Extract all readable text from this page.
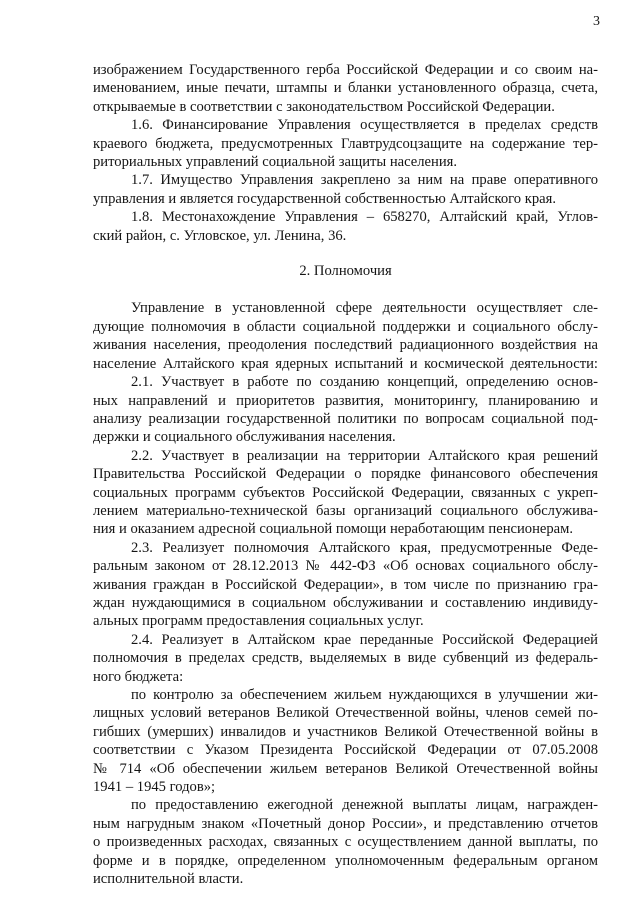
3
изображением Государственного герба Российской Федерации и со своим на-
именованием, иные печати, штампы и бланки установленного образца, счета,
открываемые в соответствии с законодательством Российской Федерации.
1.6. Финансирование Управления осуществляется в пределах средств
краевого бюджета, предусмотренных Главтрудсоцзащите на содержание тер-
риториальных управлений социальной защиты населения.
1.7. Имущество Управления закреплено за ним на праве оперативного
управления и является государственной собственностью Алтайского края.
1.8. Местонахождение Управления – 658270, Алтайский край, Углов-
ский район, с. Угловское, ул. Ленина, 36.
2. Полномочия
Управление в установленной сфере деятельности осуществляет сле-
дующие полномочия в области социальной поддержки и социального обслу-
живания населения, преодоления последствий радиационного воздействия на
население Алтайского края ядерных испытаний и космической деятельности:
2.1. Участвует в работе по созданию концепций, определению основ-
ных направлений и приоритетов развития, мониторингу, планированию и
анализу реализации государственной политики по вопросам социальной под-
держки и социального обслуживания населения.
2.2. Участвует в реализации на территории Алтайского края решений
Правительства Российской Федерации о порядке финансового обеспечения
социальных программ субъектов Российской Федерации, связанных с укреп-
лением материально-технической базы организаций социального обслужива-
ния и оказанием адресной социальной помощи неработающим пенсионерам.
2.3. Реализует полномочия Алтайского края, предусмотренные Феде-
ральным законом от 28.12.2013 № 442-ФЗ «Об основах социального обслу-
живания граждан в Российской Федерации», в том числе по признанию гра-
ждан нуждающимися в социальном обслуживании и составлению индивиду-
альных программ предоставления социальных услуг.
2.4. Реализует в Алтайском крае переданные Российской Федерацией
полномочия в пределах средств, выделяемых в виде субвенций из федераль-
ного бюджета:
по контролю за обеспечением жильем нуждающихся в улучшении жи-
лищных условий ветеранов Великой Отечественной войны, членов семей по-
гибших (умерших) инвалидов и участников Великой Отечественной войны в
соответствии с Указом Президента Российской Федерации от 07.05.2008
№ 714 «Об обеспечении жильем ветеранов Великой Отечественной войны
1941 – 1945 годов»;
по предоставлению ежегодной денежной выплаты лицам, награжден-
ным нагрудным знаком «Почетный донор России», и представлению отчетов
о произведенных расходах, связанных с осуществлением данной выплаты, по
форме и в порядке, определенном уполномоченным федеральным органом
исполнительной власти.
